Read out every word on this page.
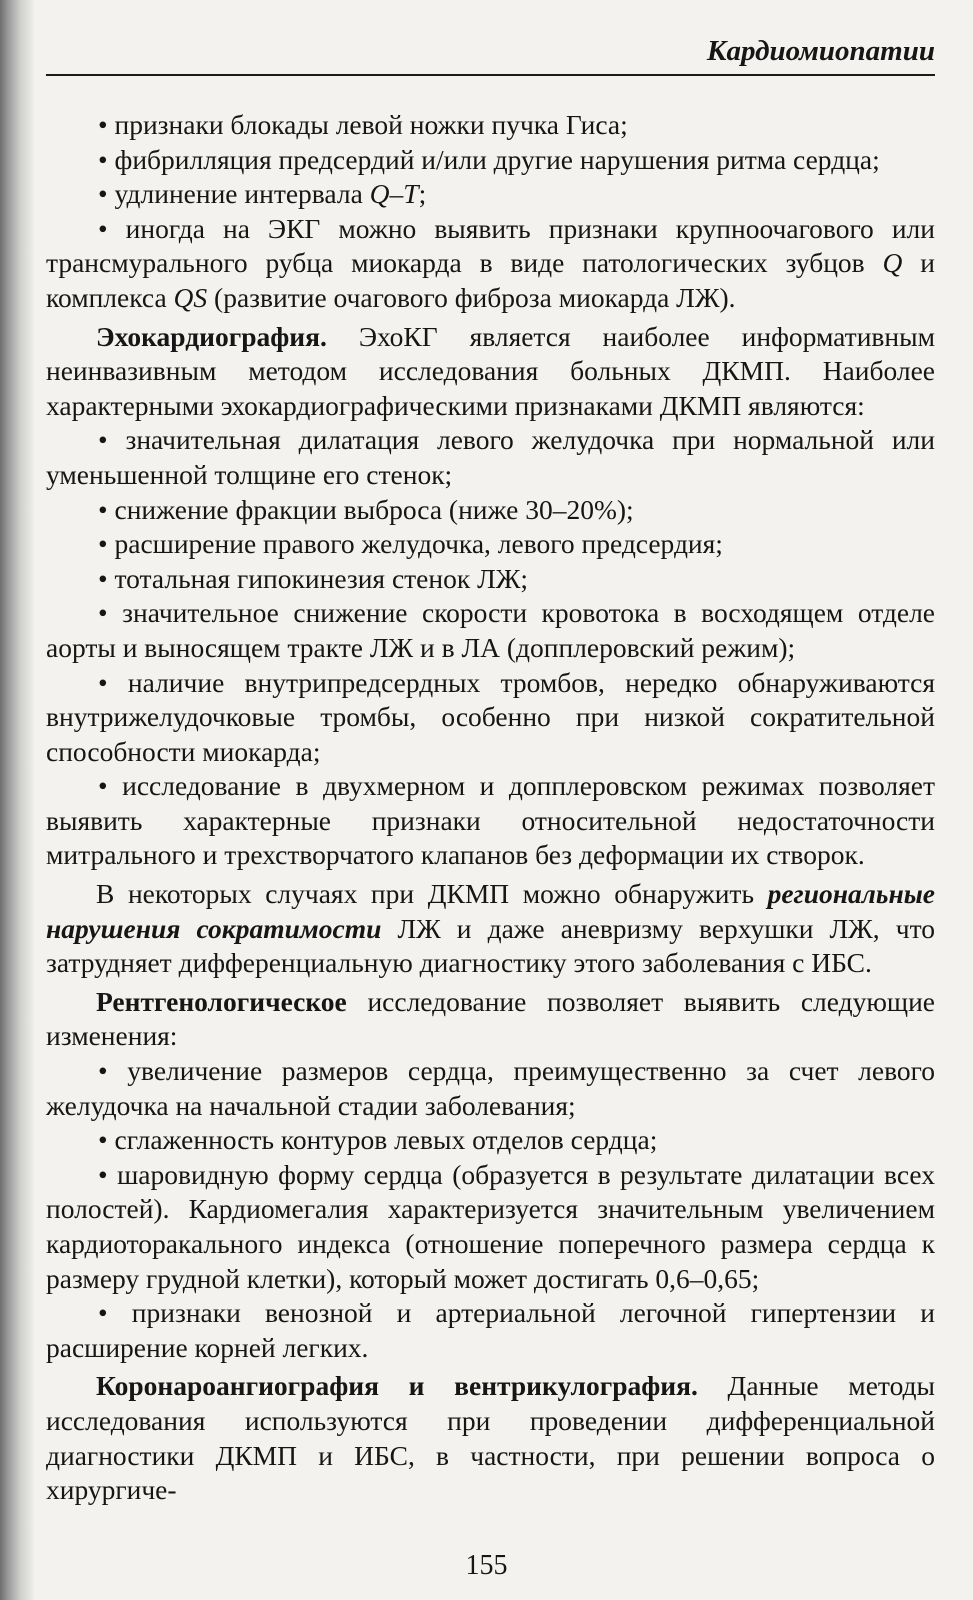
Кардиомиопатии

• признаки блокады левой ножки пучка Гиса;

• фибрилляция предсердий и/или другие нарушения ритма сердца;

• удлинение интервала Q–T;

• иногда на ЭКГ можно выявить признаки крупноочагового или трансмурального рубца миокарда в виде патологических зубцов Q и комплекса QS (развитие очагового фиброза миокарда ЛЖ).

Эхокардиография. ЭхоКГ является наиболее информативным неинвазивным методом исследования больных ДКМП. Наиболее характерными эхокардиографическими признаками ДКМП являются:

• значительная дилатация левого желудочка при нормальной или уменьшенной толщине его стенок;

• снижение фракции выброса (ниже 30–20%);

• расширение правого желудочка, левого предсердия;

• тотальная гипокинезия стенок ЛЖ;

• значительное снижение скорости кровотока в восходящем отделе аорты и выносящем тракте ЛЖ и в ЛА (допплеровский режим);

• наличие внутрипредсердных тромбов, нередко обнаруживаются внутрижелудочковые тромбы, особенно при низкой сократительной способности миокарда;

• исследование в двухмерном и допплеровском режимах позволяет выявить характерные признаки относительной недостаточности митрального и трехстворчатого клапанов без деформации их створок.

В некоторых случаях при ДКМП можно обнаружить региональные нарушения сократимости ЛЖ и даже аневризму верхушки ЛЖ, что затрудняет дифференциальную диагностику этого заболевания с ИБС.

Рентгенологическое исследование позволяет выявить следующие изменения:

• увеличение размеров сердца, преимущественно за счет левого желудочка на начальной стадии заболевания;

• сглаженность контуров левых отделов сердца;

• шаровидную форму сердца (образуется в результате дилатации всех полостей). Кардиомегалия характеризуется значительным увеличением кардиоторакального индекса (отношение поперечного размера сердца к размеру грудной клетки), который может достигать 0,6–0,65;

• признаки венозной и артериальной легочной гипертензии и расширение корней легких.

Коронароангиография и вентрикулография. Данные методы исследования используются при проведении дифференциальной диагностики ДКМП и ИБС, в частности, при решении вопроса о хирургиче-

155
